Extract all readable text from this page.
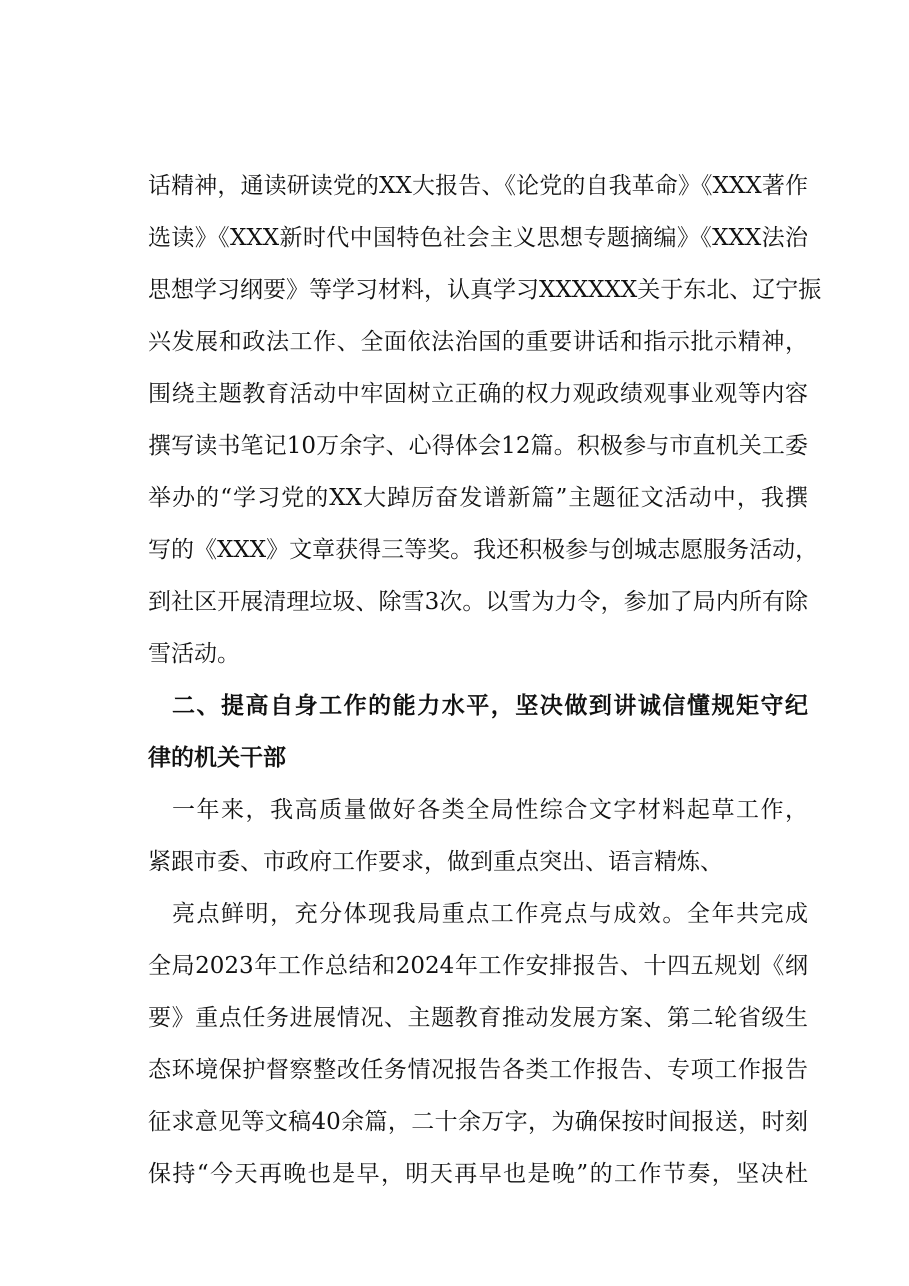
话精神，通读研读党的XX大报告、《论党的自我革命》《XXX著作
选读》《XXX新时代中国特色社会主义思想专题摘编》《XXX法治
思想学习纲要》等学习材料，认真学习XXXXXX关于东北、辽宁振
兴发展和政法工作、全面依法治国的重要讲话和指示批示精神，
围绕主题教育活动中牢固树立正确的权力观政绩观事业观等内容
撰写读书笔记10万余字、心得体会12篇。积极参与市直机关工委
举办的“学习党的XX大踔厉奋发谱新篇”主题征文活动中，我撰
写的《XXX》文章获得三等奖。我还积极参与创城志愿服务活动，
到社区开展清理垃圾、除雪3次。以雪为力令，参加了局内所有除
雪活动。
二、提高自身工作的能力水平，坚决做到讲诚信懂规矩守纪
律的机关干部
一年来，我高质量做好各类全局性综合文字材料起草工作，
紧跟市委、市政府工作要求，做到重点突出、语言精炼、
亮点鲜明，充分体现我局重点工作亮点与成效。全年共完成
全局2023年工作总结和2024年工作安排报告、十四五规划《纲
要》重点任务进展情况、主题教育推动发展方案、第二轮省级生
态环境保护督察整改任务情况报告各类工作报告、专项工作报告
征求意见等文稿40余篇，二十余万字，为确保按时间报送，时刻
保持“今天再晚也是早，明天再早也是晚”的工作节奏，坚决杜
